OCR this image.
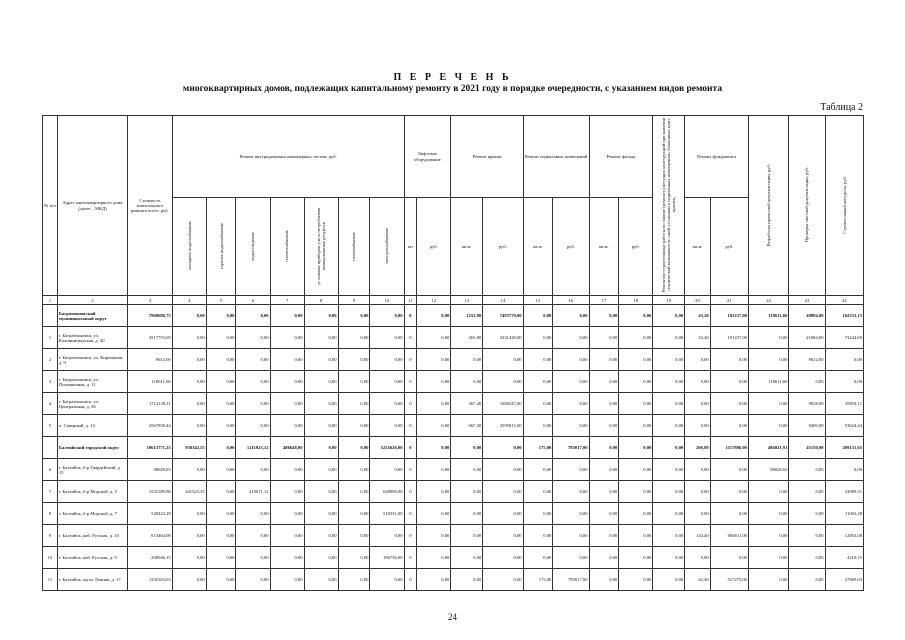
П Е Р Е Ч Е Н Ь
многоквартирных домов, подлежащих капитальному ремонту в 2021 году в порядке очередности, с указанием видов ремонта
Таблица 2
№ п/п	Адрес многоквартирного дома (далее – МКД)	Стоимость капитального ремонта всего, руб.	Ремонт внутридомовых инженерных систем, руб.							Лифтовое оборудование		Ремонт крыши		Ремонт подвальных помещений		Ремонт фасада		Ремонтно-строительные работы по замене (ремонту) несущих конструкций при наличии технической возможности такой установки в подвальных помещениях, балконных плит, крылец	Ремонт фундамента		Разработка проектной документации, руб.	Проверка сметной документации, руб.	Строительный контроль, руб.
			холодное водоснабжение	горячее водоснабжение	водоотведение	теплоснабжение	установка приборов учета потребления коммунальных ресурсов	газоснабжение	электроснабжение	шт	руб.	кв.м.	руб.	кв.м.	руб.	кв.м.	руб.		кв.м.	руб.			
1	2	3	4	5	6	7	8	9	10	11	12	13	14	15	16	17	18	19	20	21	22	23	24
	Багратионовский муниципальный округ	7968686,75	0,00	0,00	0,00	0,00	0,00	0,00	0,00	0	0,00	1253,90	7493770,00	0,00	0,00	0,00	0,00	0,00	43,20	191237,00	118611,60	49894,00	102533,15
1	г. Багратионовск, ул. Калининградская, д. 40	3517753,69	0,00	0,00	0,00	0,00	0,00	0,00	0,00	0	0,00	265,80	3231428,00	0,00	0,00	0,00	0,00	0,00	43,20	191237,00	0,00	21684,00	73244,69
2	г. Багратионовск, ул. Кирпичная, д. 9	9612,00	0,00	0,00	0,00	0,00	0,00	0,00	0,00	0	0,00	0,00	0,00	0,00	0,00	0,00	0,00	0,00	0,00	0,00	0,00	9612,00	0,00
3	г. Багратионовск, ул. Пограничная, д. 11	118611,60	0,00	0,00	0,00	0,00	0,00	0,00	0,00	0	0,00	0,00	0,00	0,00	0,00	0,00	0,00	0,00	0,00	0,00	118611,60	0,00	0,00
4	г. Багратионовск, ул. Центральная, д. 36	1712139,11	0,00	0,00	0,00	0,00	0,00	0,00	0,00	0	0,00	367,40	1666547,00	0,00	0,00	0,00	0,00	0,00	0,00	0,00	0,00	9828,00	35854,11
5	п. Северный, д. 14	2567839,44	0,00	0,00	0,00	0,00	0,00	0,00	0,00	0	0,00	667,30	2595815,00	0,00	0,00	0,00	0,00	0,00	0,00	0,00	0,00	8400,00	53624,44
	Балтийский городской округ	10613771,23	938342,55	0,00	1211923,12	486648,00	0,00	0,00	5235626,00	0	0,00	0,00	0,00	175,00	785017,00	0,00	0,00	0,00	206,80	1117886,00	486021,91	45150,00	209151,65
6	г. Балтийск, б-р Гвардейский, д. 15	98028,63	0,00	0,00	0,00	0,00	0,00	0,00	0,00	0	0,00	0,00	0,00	0,00	0,00	0,00	0,00	0,00	0,00	0,00	98028,63	0,00	0,00
7	г. Балтийск, б-р Морской, д. 5	1531589,98	441523,35	0,00	419071,12	0,00	0,00	0,00	638906,00	0	0,00	0,00	0,00	0,00	0,00	0,00	0,00	0,00	0,00	0,00	0,00	0,00	32089,51
8	г. Балтийск, б-р Морской, д. 7	528423,28	0,00	0,00	0,00	0,00	0,00	0,00	518331,00	0	0,00	0,00	0,00	0,00	0,00	0,00	0,00	0,00	0,00	0,00	0,00	0,00	11092,28
9	г. Балтийск, наб. Русская, д. 10	613464,08	0,00	0,00	0,00	0,00	0,00	0,00	0,00	0	0,00	0,00	0,00	0,00	0,00	0,00	0,00	0,00	144,40	600611,00	0,00	0,00	12853,08
10	г. Балтийск, наб. Русская, д. 9	200946,15	0,00	0,00	0,00	0,00	0,00	0,00	196756,00	0	0,00	0,00	0,00	0,00	0,00	0,00	0,00	0,00	0,00	0,00	0,00	0,00	4210,15
11	г. Балтийск, пр-кт Ленина, д. 17	1330163,63	0,00	0,00	0,00	0,00	0,00	0,00	0,00	0	0,00	0,00	0,00	175,00	785017,00	0,00	0,00	0,00	62,40	517275,00	0,00	0,00	27869,63
24
